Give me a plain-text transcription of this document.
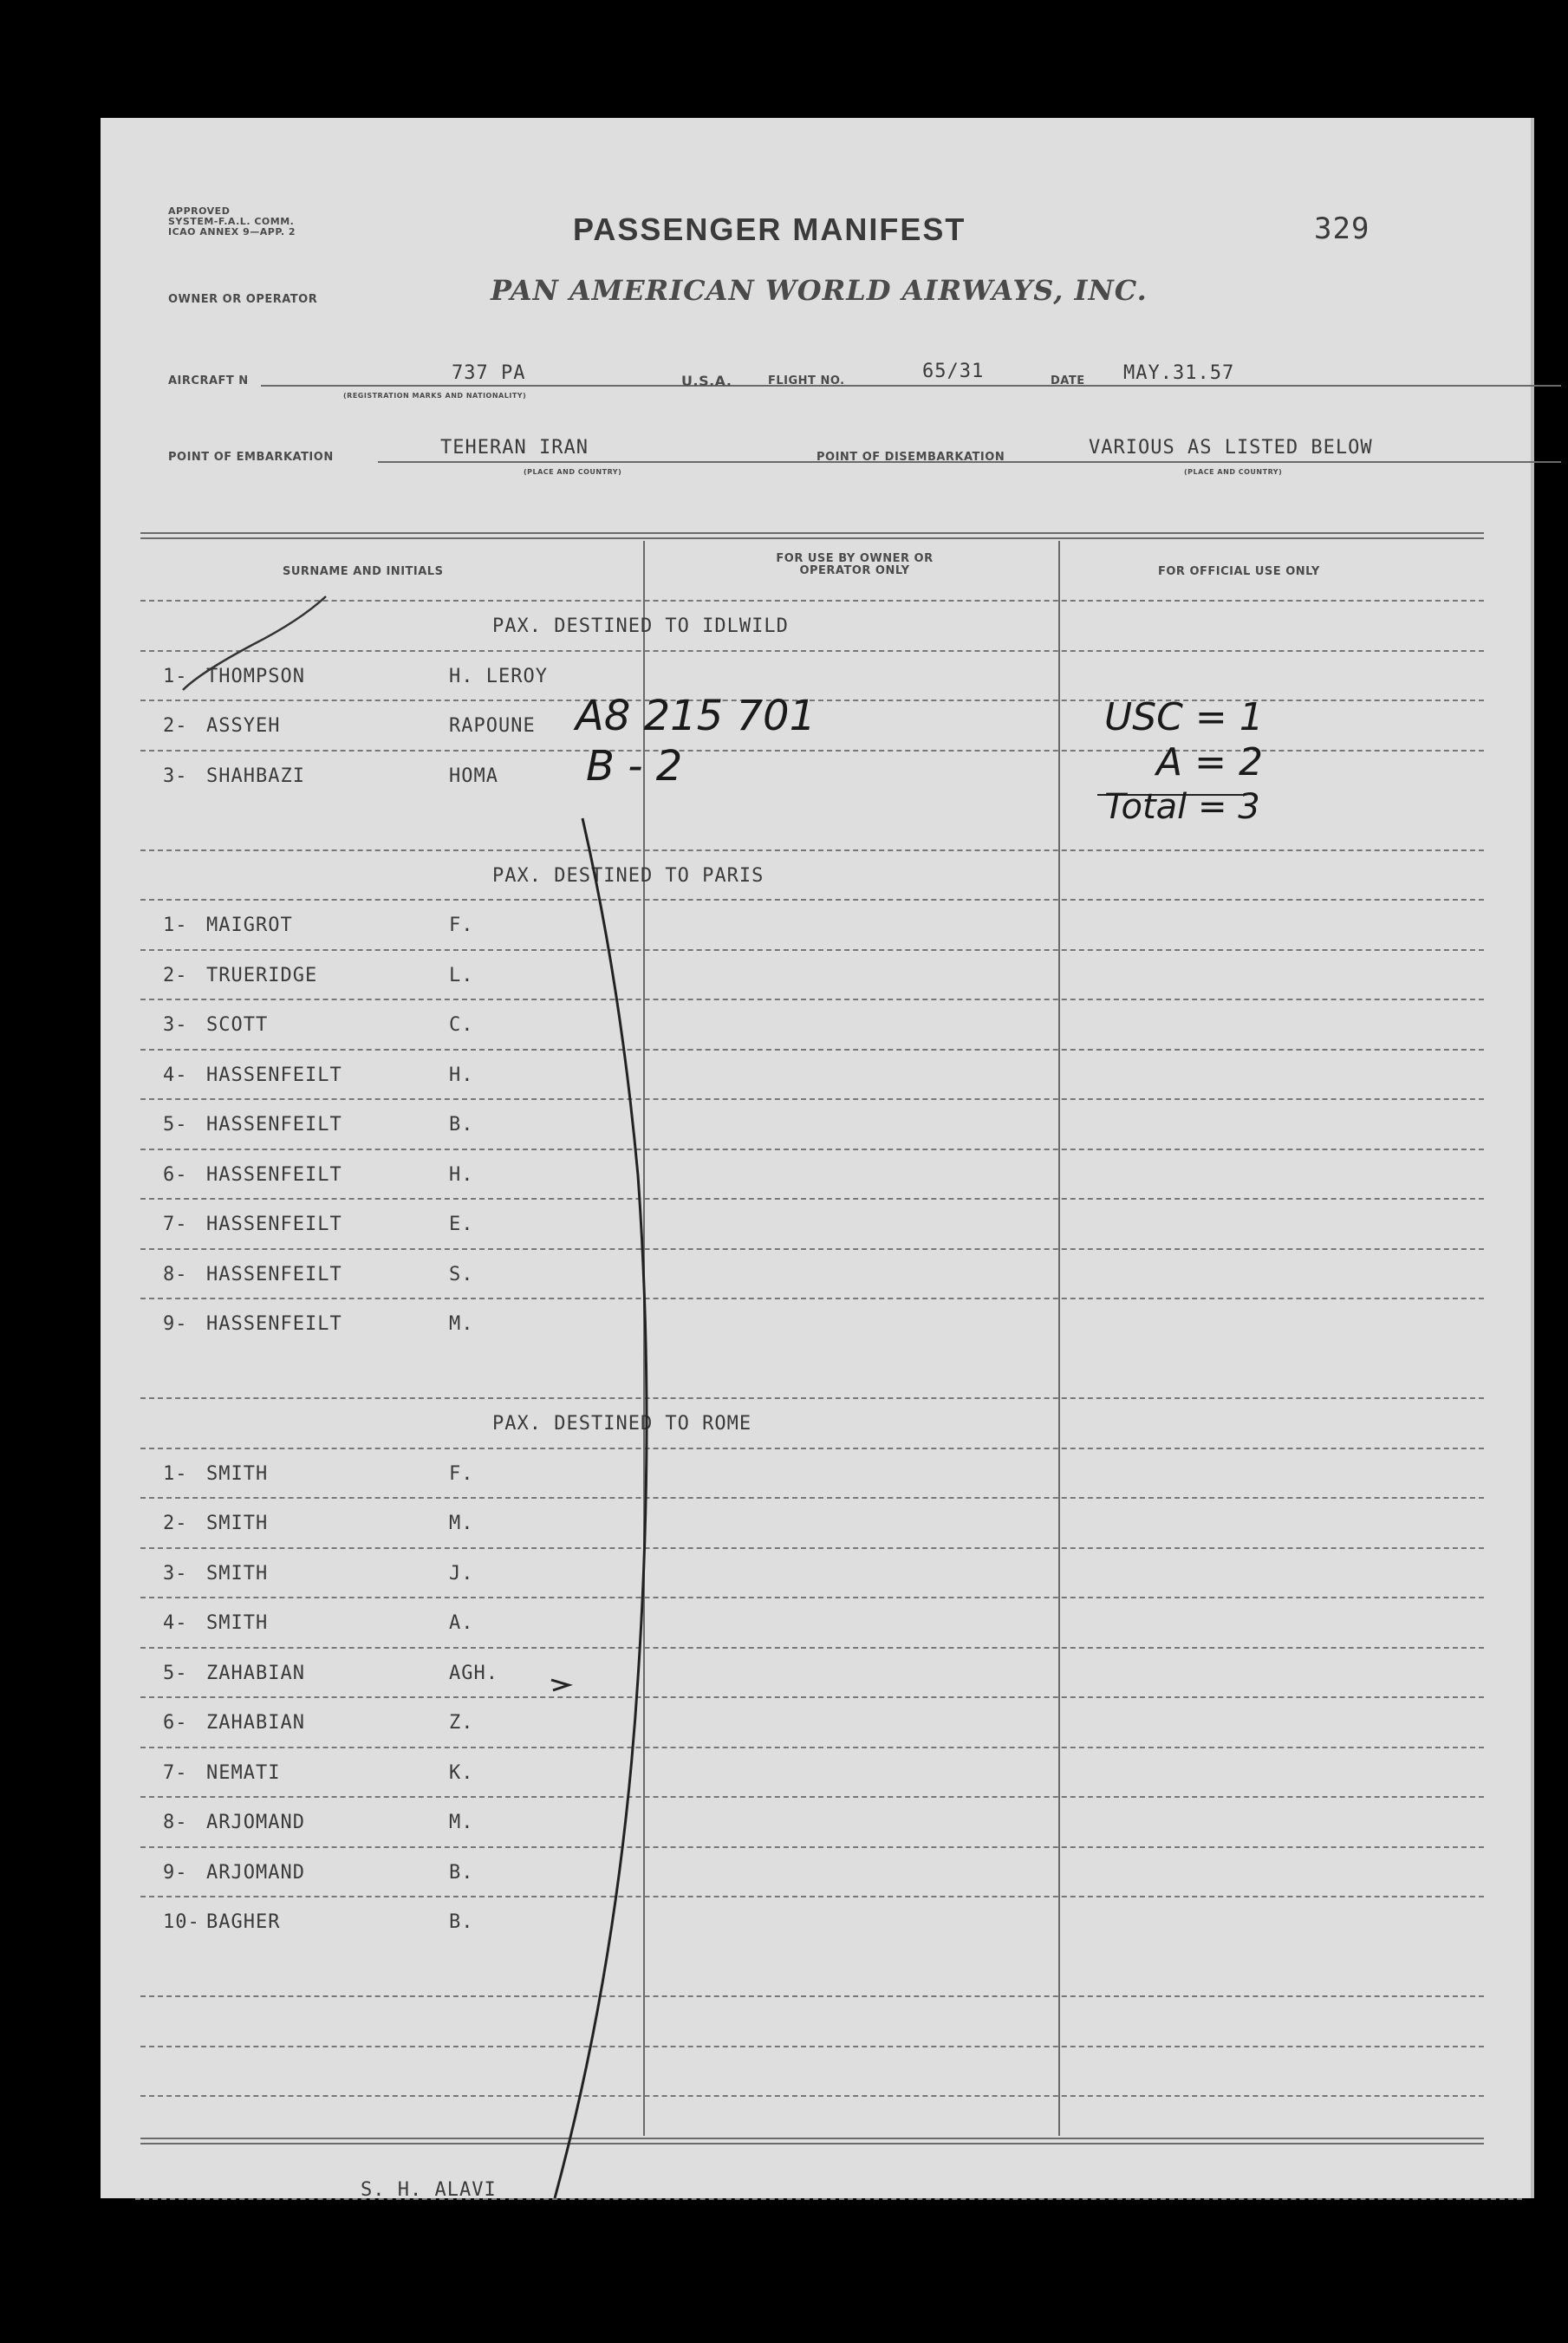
APPROVED
SYSTEM-F.A.L. COMM.
ICAO ANNEX 9—APP. 2	PASSENGER MANIFEST	329
OWNER OR OPERATOR	PAN AMERICAN WORLD AIRWAYS, INC.
AIRCRAFT N	737 PA
(REGISTRATION MARKS AND NATIONALITY)
U.S.A.	FLIGHT NO.	65/31	DATE MAY.31.57
POINT OF EMBARKATION	TEHERAN IRAN
(PLACE AND COUNTRY)
POINT OF DISEMBARKATION	VARIOUS AS LISTED BELOW
(PLACE AND COUNTRY)
SURNAME AND INITIALS
FOR USE BY OWNER OR OPERATOR ONLY	FOR OFFICIAL USE ONLY
PAX. DESTINED TO IDLWILD
1- THOMPSON	H. LEROY
2- ASSYEH	RAPOUNE
3- SHAHBAZI	HOMA
PAX. DESTINED TO PARIS
1- MAIGROT	F.
2- TRUERIDGE	L.
3- SCOTT	C.
4- HASSENFEILT	H.
5- HASSENFEILT	B.
6- HASSENFEILT	H.
7- HASSENFEILT	E.
8- HASSENFEILT	S.
9- HASSENFEILT	M.
PAX. DESTINED TO ROME
1- SMITH	F.
2- SMITH	M.
3- SMITH	J.
4- SMITH	A.
5- ZAHABIAN	AGH.
6- ZAHABIAN	Z.
7- NEMATI	K.
8- ARJOMAND	M.
9- ARJOMAND	B.
10- BAGHER	B.
A8 215 701
B - 2
USC = 1
A = 2
Total = 3
S. H. ALAVI
